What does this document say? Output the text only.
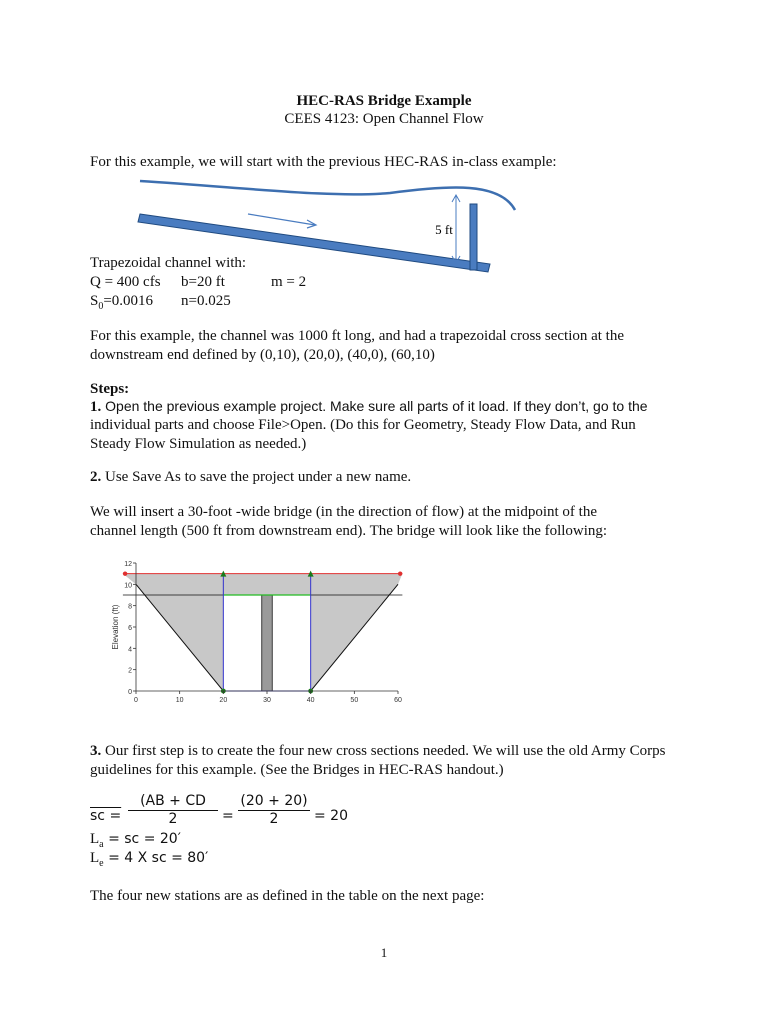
HEC-RAS Bridge Example
CEES 4123: Open Channel Flow

For this example, we will start with the previous HEC-RAS in-class example:

5 ft

Trapezoidal channel with:

Q = 400 cfs b=20 ft	m = 2

$S_0=0.0016$ n=0.025

For this example, the channel was 1000 ft long, and had a trapezoidal cross section at the

downstream end defined by (0,10), (20,0), (40,0), (60,10)

Steps:

1. Open the previous example project. Make sure all parts of it load. If they don’t, go to the

individual parts and choose File>Open. (Do this for Geometry, Steady Flow Data, and Run

Steady Flow Simulation as needed.)

2. Use Save As to save the project under a new name.

We will insert a 30-foot -wide bridge (in the direction of flow) at the midpoint of the

channel length (500 ft from downstream end). The bridge will look like the following:

Elevation (ft)
0
2
4
6
8
10
12
0	10	20	30	40	50	60

3. Our first step is to create the four new cross sections needed. We will use the old Army Corps

guidelines for this example. (See the Bridges in HEC-RAS handout.)

sc =
(AB + CD
2	=
(20 + 20)
2	= 20

$L_a$ = sc = 20′

$L_e = 4$ X sc = 80′

The four new stations are as defined in the table on the next page:

1
